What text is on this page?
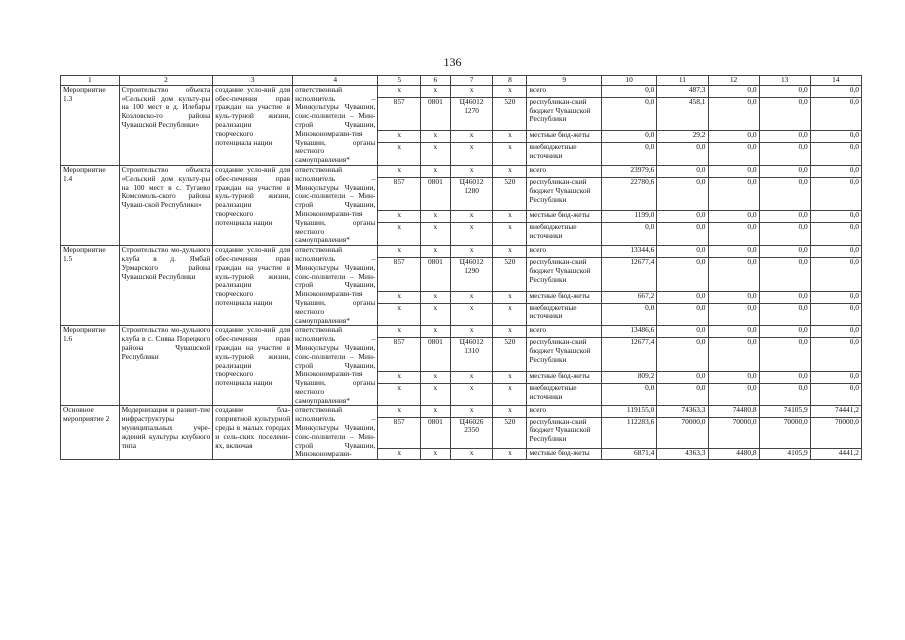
136
1	2	3	4	5	6	7	8	9	10	11	12	13	14
Мероприятие 1.3	Строительство объекта «Сельский дом культу-ры на 100 мест в д. Илебары Козловско-го района Чувашской Республики»	создание усло-вий для обес-печения прав граждан на участие в куль-турной жизни, реализации творческого потенциала нации	ответственный исполнитель – Минкультуры Чувашии, соис-полнители – Мин-строй Чувашии, Минэкономразви-тия Чувашии, органы местного самоуправления*	x	x	x	x	всего	0,0	487,3	0,0	0,0	0,0
				857	0801	Ц46012 1270	520	республикан-ский бюджет Чувашской Республики	0,0	458,1	0,0	0,0	0,0
				x	x	x	x	местные бюд-жеты	0,0	29,2	0,0	0,0	0,0
				x	x	x	x	внебюджетные источники	0,0	0,0	0,0	0,0	0,0
Мероприятие 1.4	Строительство объекта «Сельский дом культу-ры на 100 мест в с. Тугаево Комсомоль-ского района Чуваш-ской Республики»	создание усло-вий для обес-печения прав граждан на участие в куль-турной жизни, реализации творческого потенциала нации	ответственный исполнитель – Минкультуры Чувашии, соис-полнители – Мин-строй Чувашии, Минэкономразви-тия Чувашии, органы местного самоуправления*	x	x	x	x	всего	23979,6	0,0	0,0	0,0	0,0
				857	0801	Ц46012 1280	520	республикан-ский бюджет Чувашской Республики	22780,6	0,0	0,0	0,0	0,0
				x	x	x	x	местные бюд-жеты	1199,0	0,0	0,0	0,0	0,0
				x	x	x	x	внебюджетные источники	0,0	0,0	0,0	0,0	0,0
Мероприятие 1.5	Строительство мо-дульного клуба в д. Ямбай Урмарского района Чувашской Республики	создание усло-вий для обес-печения прав граждан на участие в куль-турной жизни, реализации творческого потенциала нации	ответственный исполнитель – Минкультуры Чувашии, соис-полнители – Мин-строй Чувашии, Минэкономразви-тия Чувашии, органы местного самоуправления*	x	x	x	x	всего	13344,6	0,0	0,0	0,0	0,0
				857	0801	Ц46012 1290	520	республикан-ский бюджет Чувашской Республики	12677,4	0,0	0,0	0,0	0,0
				x	x	x	x	местные бюд-жеты	667,2	0,0	0,0	0,0	0,0
				x	x	x	x	внебюджетные источники	0,0	0,0	0,0	0,0	0,0
Мероприятие 1.6	Строительство мо-дульного клуба в с. Сиява Порецкого района Чувашской Республики	создание усло-вий для обес-печения прав граждан на участие в куль-турной жизни, реализации творческого потенциала нации	ответственный исполнитель – Минкультуры Чувашии, соис-полнители – Мин-строй Чувашии, Минэкономразви-тия Чувашии, органы местного самоуправления*	x	x	x	x	всего	13486,6	0,0	0,0	0,0	0,0
				857	0801	Ц46012 1310	520	республикан-ский бюджет Чувашской Республики	12677,4	0,0	0,0	0,0	0,0
				x	x	x	x	местные бюд-жеты	809,2	0,0	0,0	0,0	0,0
				x	x	x	x	внебюджетные источники	0,0	0,0	0,0	0,0	0,0
Основное мероприятие 2	Модернизация и развит-тие инфраструктуры муниципальных учре-ждений культуры клубного типа	создание бла-гоприятной культурной среды в малых городах и сель-ских поселени-ях, включая	ответственный исполнитель – Минкультуры Чувашии, соис-полнители – Мин-строй Чувашии, Минэкономразви-	x	x	x	x	всего	119155,0	74363,3	74480,8	74105,9	74441,2
				857	0801	Ц46026 2350	520	республикан-ский бюджет Чувашской Республики	112283,6	70000,0	70000,0	70000,0	70000,0
				x	x	x	x	местные бюд-жеты	6871,4	4363,3	4480,8	4105,9	4441,2
